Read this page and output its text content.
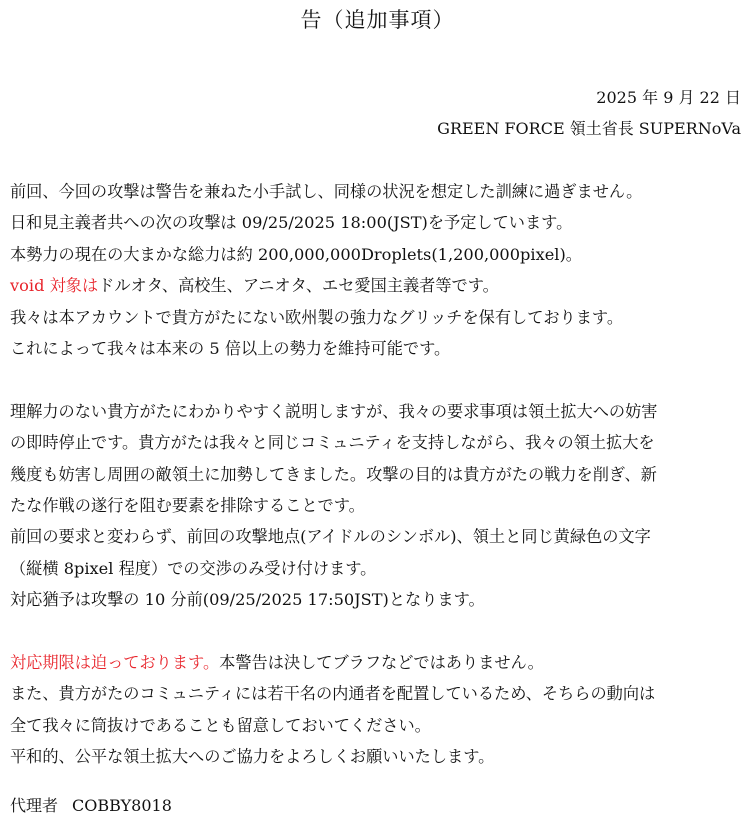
告（追加事項）
2025 年 9 月 22 日
GREEN FORCE 領土省長 SUPERNoVa
前回、今回の攻撃は警告を兼ねた小手試し、同様の状況を想定した訓練に過ぎません。
日和見主義者共への次の攻撃は 09/25/2025 18:00(JST)を予定しています。
本勢力の現在の大まかな総力は約 200,000,000Droplets(1,200,000pixel)。
void 対象はドルオタ、高校生、アニオタ、エセ愛国主義者等です。
我々は本アカウントで貴方がたにない欧州製の強力なグリッチを保有しております。
これによって我々は本来の 5 倍以上の勢力を維持可能です。
理解力のない貴方がたにわかりやすく説明しますが、我々の要求事項は領土拡大への妨害
の即時停止です。貴方がたは我々と同じコミュニティを支持しながら、我々の領土拡大を
幾度も妨害し周囲の敵領土に加勢してきました。攻撃の目的は貴方がたの戦力を削ぎ、新
たな作戦の遂行を阻む要素を排除することです。
前回の要求と変わらず、前回の攻撃地点(アイドルのシンボル)、領土と同じ黄緑色の文字
（縦横 8pixel 程度）での交渉のみ受け付けます。
対応猶予は攻撃の 10 分前(09/25/2025 17:50JST)となります。
対応期限は迫っております。本警告は決してブラフなどではありません。
また、貴方がたのコミュニティには若干名の内通者を配置しているため、そちらの動向は
全て我々に筒抜けであることも留意しておいてください。
平和的、公平な領土拡大へのご協力をよろしくお願いいたします。
代理者 COBBY8018
